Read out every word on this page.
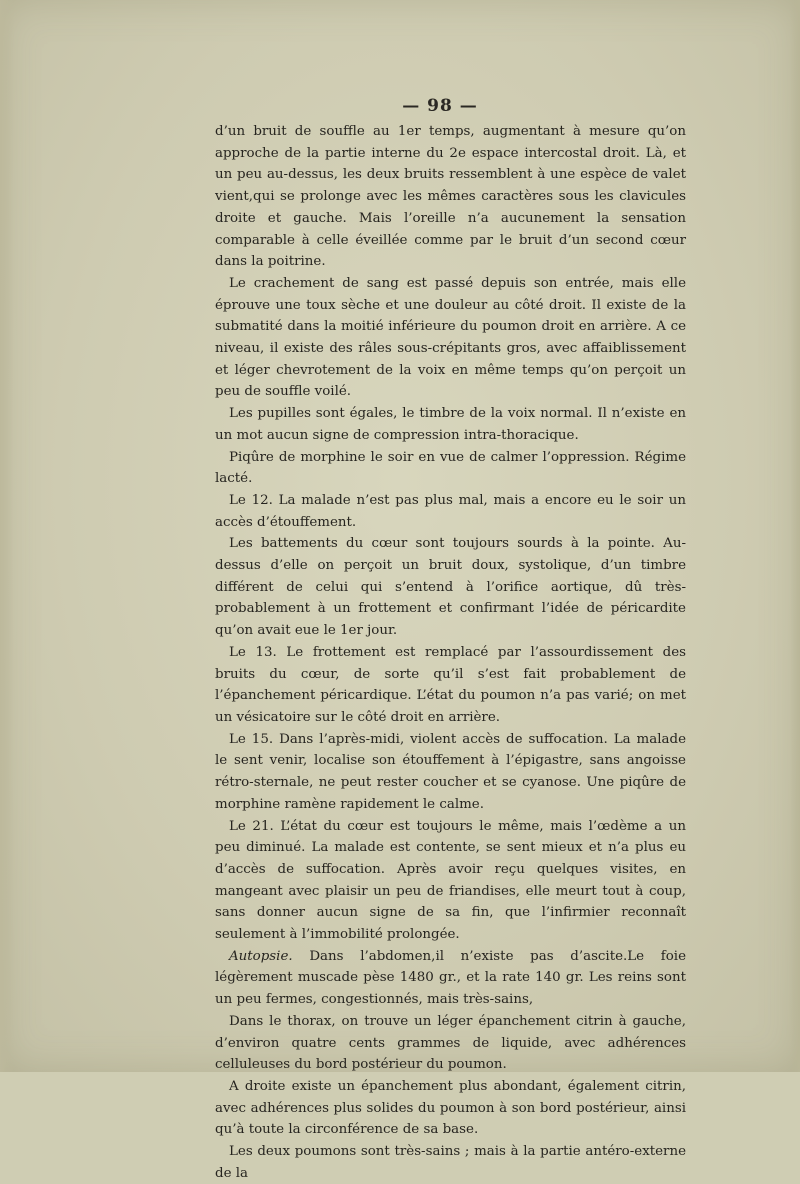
— 98 —

d’un bruit de souffle au 1er temps, augmentant à mesure qu’on approche de la partie interne du 2e espace intercostal droit. Là, et un peu au-dessus, les deux bruits ressemblent à une espèce de valet vient,qui se prolonge avec les mêmes caractères sous les clavicules droite et gauche. Mais l’oreille n’a aucunement la sensation comparable à celle éveillée comme par le bruit d’un second cœur dans la poitrine.

Le crachement de sang est passé depuis son entrée, mais elle éprouve une toux sèche et une douleur au côté droit. Il existe de la submatité dans la moitié inférieure du poumon droit en arrière. A ce niveau, il existe des râles sous-crépitants gros, avec affaiblissement et léger chevrotement de la voix en même temps qu’on perçoit un peu de souffle voilé.

Les pupilles sont égales, le timbre de la voix normal. Il n’existe en un mot aucun signe de compression intra-thoracique.

Piqûre de morphine le soir en vue de calmer l’oppression. Régime lacté.

Le 12. La malade n’est pas plus mal, mais a encore eu le soir un accès d’étouffement.

Les battements du cœur sont toujours sourds à la pointe. Au-dessus d’elle on perçoit un bruit doux, systolique, d’un timbre différent de celui qui s’entend à l’orifice aortique, dû très-probablement à un frottement et confirmant l’idée de péricardite qu’on avait eue le 1er jour.

Le 13. Le frottement est remplacé par l’assourdissement des bruits du cœur, de sorte qu’il s’est fait probablement de l’épanchement péricardique. L’état du poumon n’a pas varié; on met un vésicatoire sur le côté droit en arrière.

Le 15. Dans l’après-midi, violent accès de suffocation. La malade le sent venir, localise son étouffement à l’épigastre, sans angoisse rétro-sternale, ne peut rester coucher et se cyanose. Une piqûre de morphine ramène rapidement le calme.

Le 21. L’état du cœur est toujours le même, mais l’œdème a un peu diminué. La malade est contente, se sent mieux et n’a plus eu d’accès de suffocation. Après avoir reçu quelques visites, en mangeant avec plaisir un peu de friandises, elle meurt tout à coup, sans donner aucun signe de sa fin, que l’infirmier reconnaît seulement à l’immobilité prolongée.

Autopsie. Dans l’abdomen,il n’existe pas d’ascite.Le foie légèrement muscade pèse 1480 gr., et la rate 140 gr. Les reins sont un peu fermes, congestionnés, mais très-sains,

Dans le thorax, on trouve un léger épanchement citrin à gauche, d’environ quatre cents grammes de liquide, avec adhérences celluleuses du bord postérieur du poumon.

A droite existe un épanchement plus abondant, également citrin, avec adhérences plus solides du poumon à son bord postérieur, ainsi qu’à toute la circonférence de sa base.

Les deux poumons sont très-sains ; mais à la partie antéro-externe de la
